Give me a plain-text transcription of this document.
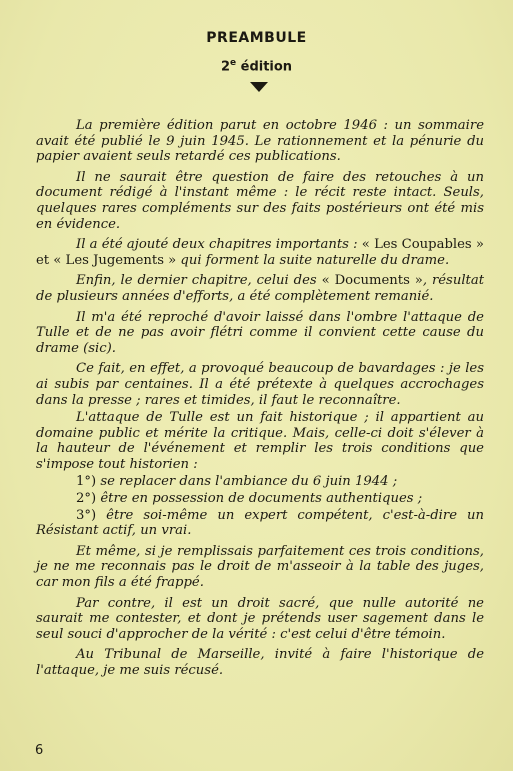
PREAMBULE
2e édition

La première édition parut en octobre 1946 : un sommaire avait été publié le 9 juin 1945. Le rationnement et la pénurie du papier avaient seuls retardé ces publications.

Il ne saurait être question de faire des retouches à un document rédigé à l'instant même : le récit reste intact. Seuls, quelques rares compléments sur des faits postérieurs ont été mis en évidence.

Il a été ajouté deux chapitres importants : « Les Coupables » et « Les Jugements » qui forment la suite naturelle du drame.

Enfin, le dernier chapitre, celui des « Documents », résultat de plusieurs années d'efforts, a été complètement remanié.

Il m'a été reproché d'avoir laissé dans l'ombre l'attaque de Tulle et de ne pas avoir flétri comme il convient cette cause du drame (sic).

Ce fait, en effet, a provoqué beaucoup de bavardages : je les ai subis par centaines. Il a été prétexte à quelques accrochages dans la presse ; rares et timides, il faut le reconnaître.

L'attaque de Tulle est un fait historique ; il appartient au domaine public et mérite la critique. Mais, celle-ci doit s'élever à la hauteur de l'événement et remplir les trois conditions que s'impose tout historien :

1°) se replacer dans l'ambiance du 6 juin 1944 ;

2°) être en possession de documents authentiques ;

3°) être soi-même un expert compétent, c'est-à-dire un Résistant actif, un vrai.

Et même, si je remplissais parfaitement ces trois conditions, je ne me reconnais pas le droit de m'asseoir à la table des juges, car mon fils a été frappé.

Par contre, il est un droit sacré, que nulle autorité ne saurait me contester, et dont je prétends user sagement dans le seul souci d'approcher de la vérité : c'est celui d'être témoin.

Au Tribunal de Marseille, invité à faire l'historique de l'attaque, je me suis récusé.

6
